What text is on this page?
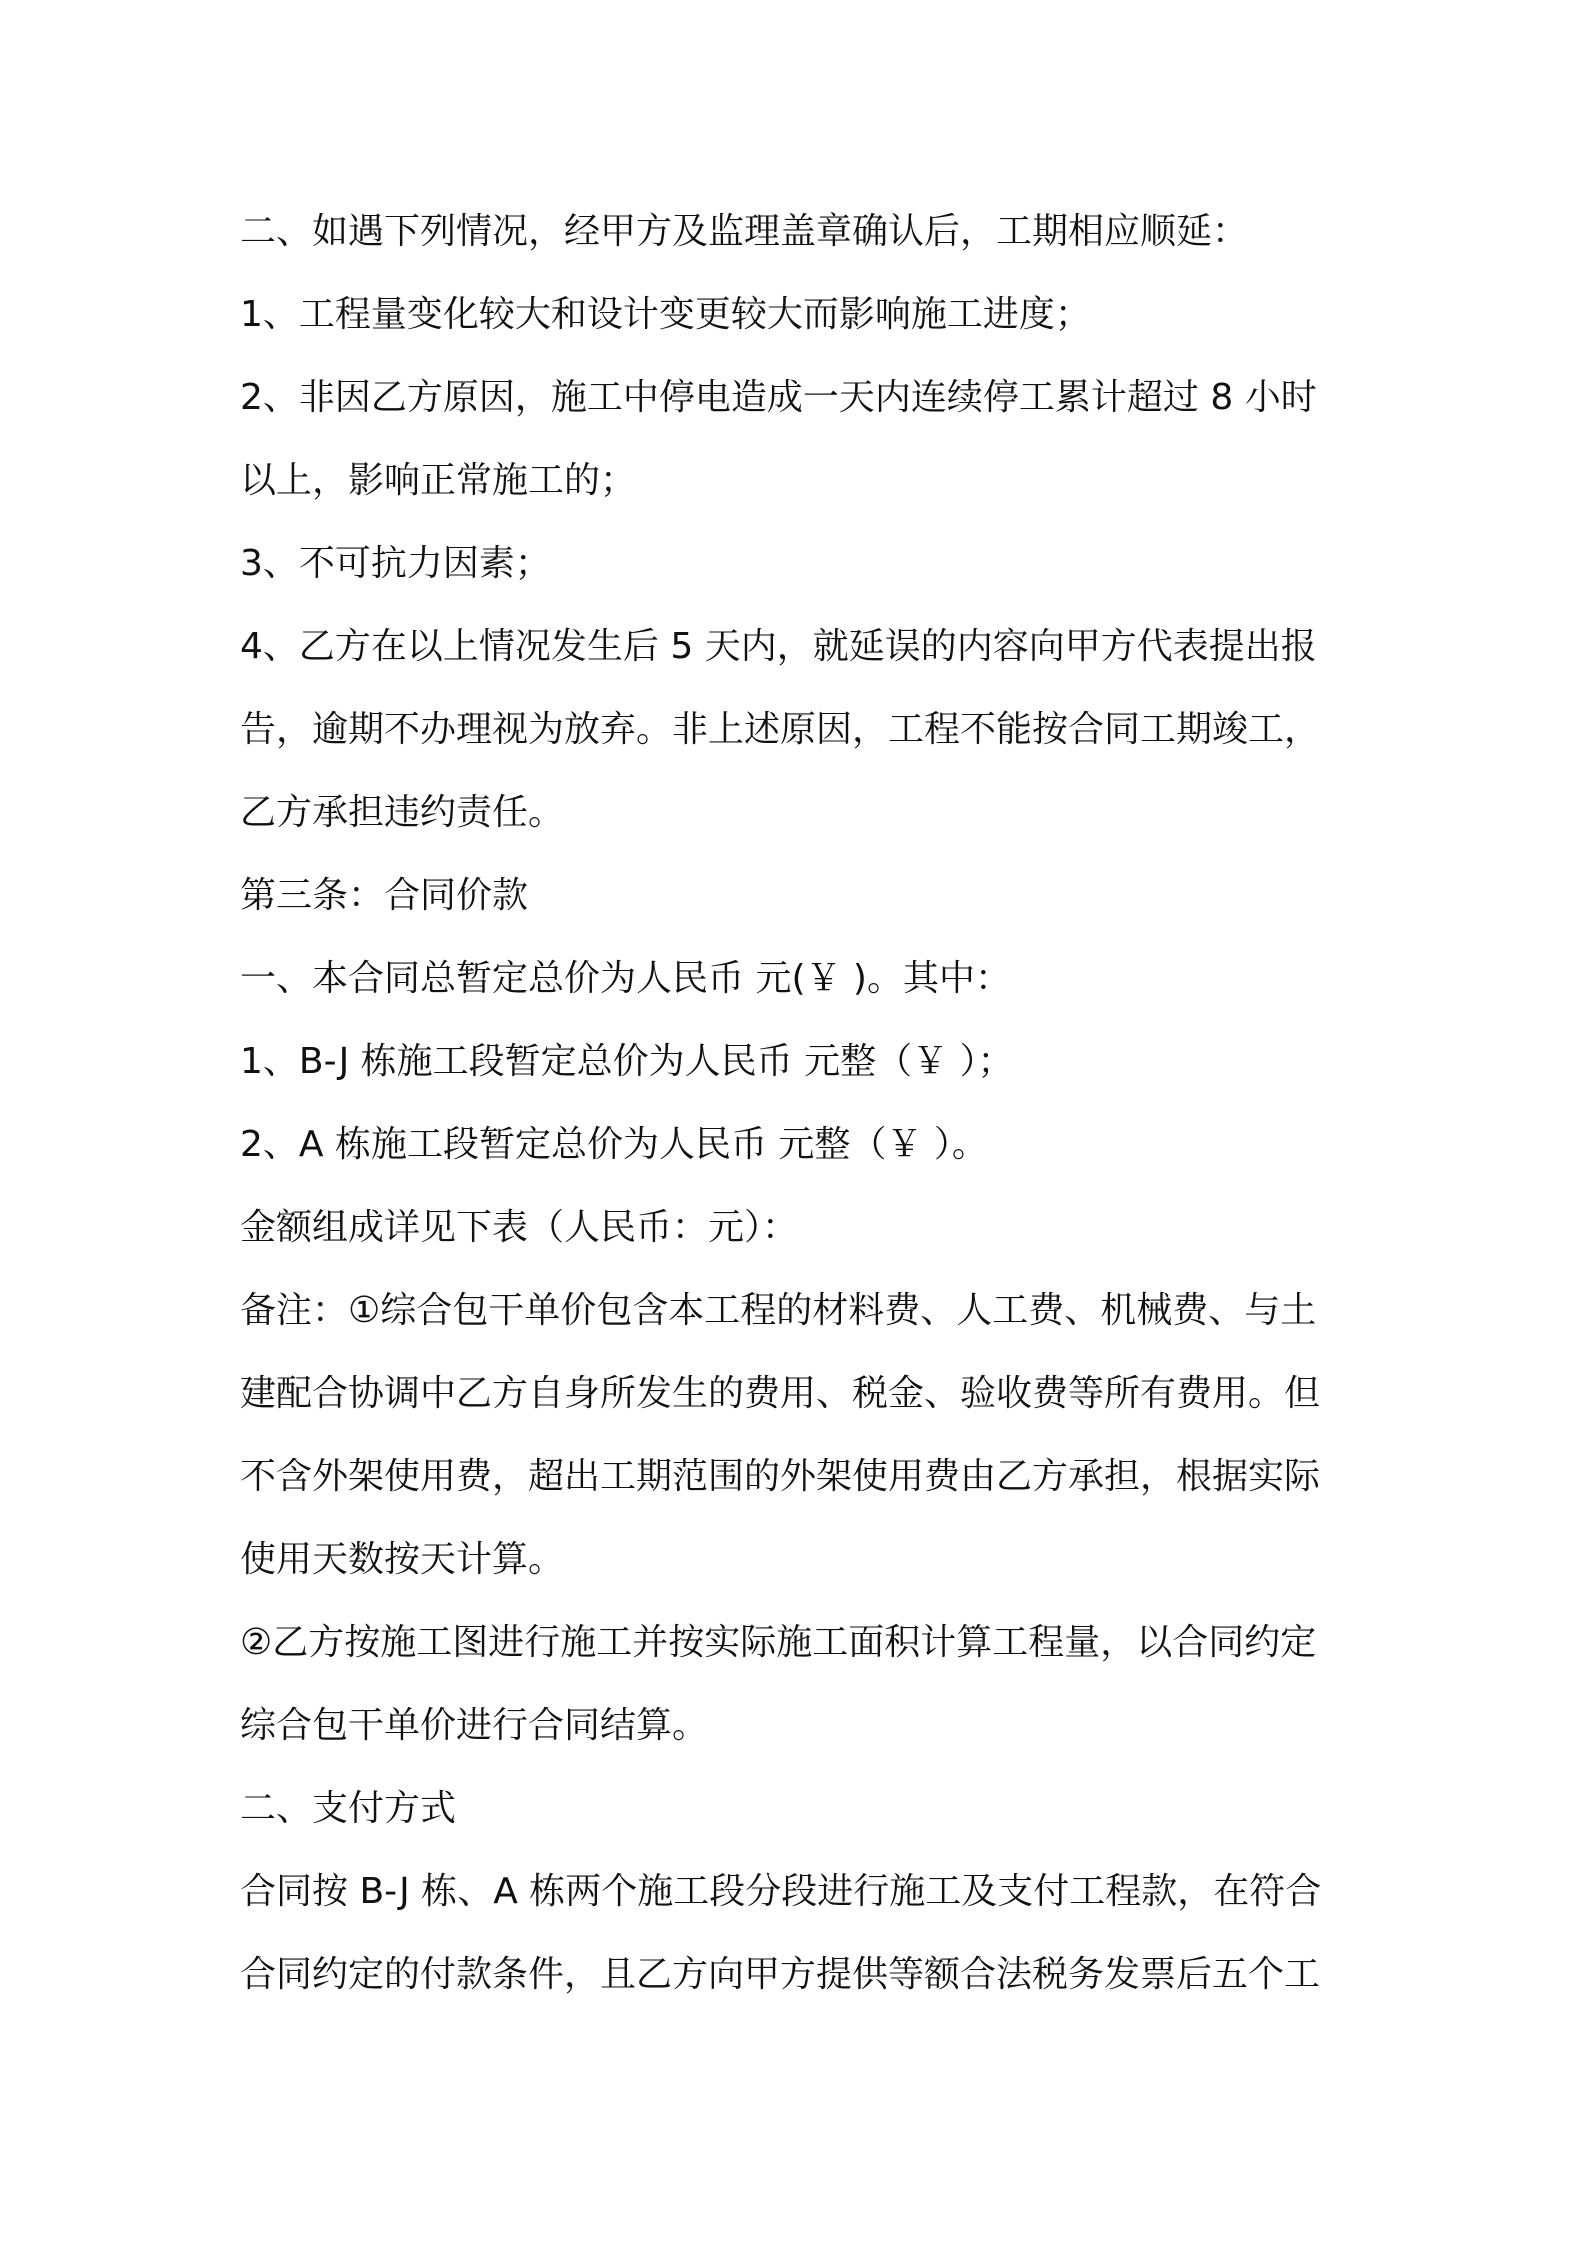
二、如遇下列情况，经甲方及监理盖章确认后，工期相应顺延：
1、工程量变化较大和设计变更较大而影响施工进度；
2、非因乙方原因，施工中停电造成一天内连续停工累计超过 8 小时
以上，影响正常施工的；
3、不可抗力因素；
4、乙方在以上情况发生后 5 天内，就延误的内容向甲方代表提出报
告，逾期不办理视为放弃。非上述原因，工程不能按合同工期竣工，
乙方承担违约责任。
第三条：合同价款
一、本合同总暂定总价为人民币 元(￥ )。其中：
1、B-J 栋施工段暂定总价为人民币 元整（￥ ）；
2、A 栋施工段暂定总价为人民币 元整（￥ ）。
金额组成详见下表（人民币：元）：
备注：①综合包干单价包含本工程的材料费、人工费、机械费、与土
建配合协调中乙方自身所发生的费用、税金、验收费等所有费用。但
不含外架使用费，超出工期范围的外架使用费由乙方承担，根据实际
使用天数按天计算。
②乙方按施工图进行施工并按实际施工面积计算工程量，以合同约定
综合包干单价进行合同结算。
二、支付方式
合同按 B-J 栋、A 栋两个施工段分段进行施工及支付工程款，在符合
合同约定的付款条件，且乙方向甲方提供等额合法税务发票后五个工
